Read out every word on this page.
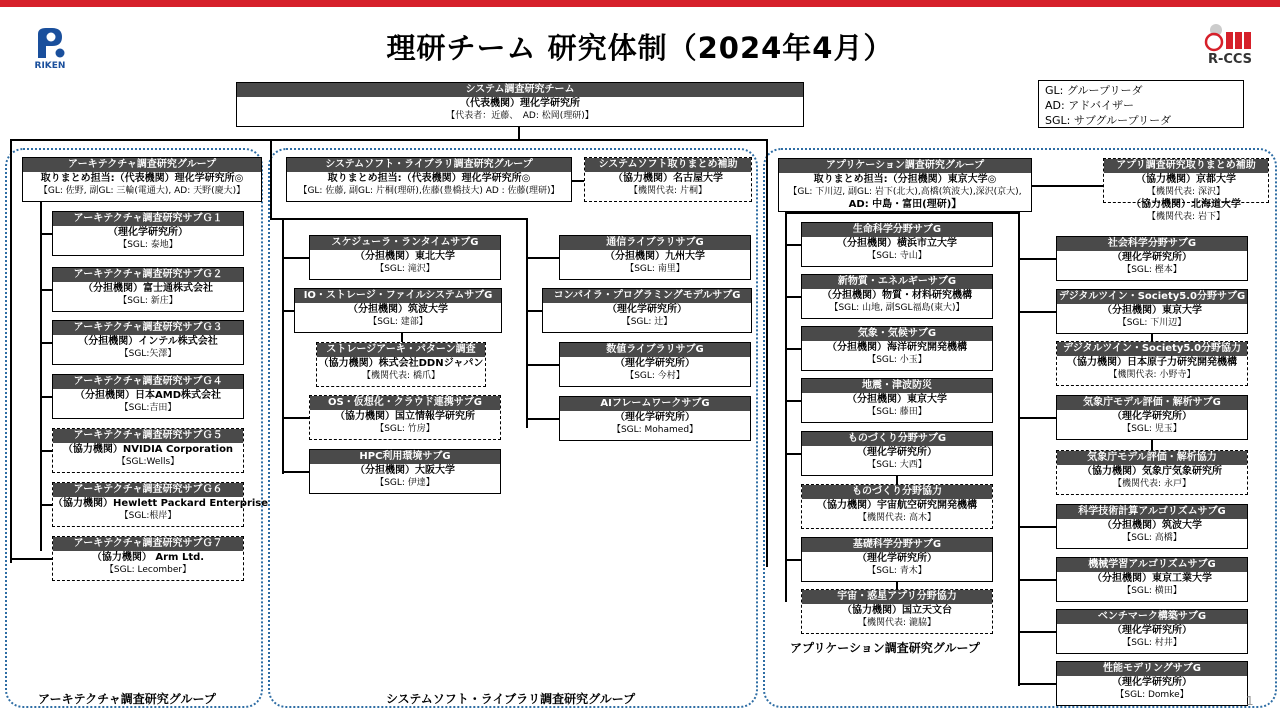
RIKEN	R-CCS
理研チーム 研究体制（2024年4月）
GL: グループリーダ
AD: アドバイザー
SGL: サブグループリーダ
アーキテクチャ調査研究グループ	システムソフト・ライブラリ調査研究グループ
アプリケーション調査研究グループ
システム調査研究チーム
（代表機関）理化学研究所
【代表者：近藤、　AD: 松岡(理研)】
アーキテクチャ調査研究グループ
取りまとめ担当:（代表機関）理化学研究所◎
【GL: 佐野, 副GL: 三輪(電通大), AD: 天野(慶大)】
アーキテクチャ調査研究サブＧ１
（理化学研究所）
【SGL: 泰地】
アーキテクチャ調査研究サブＧ２
（分担機関）富士通株式会社
【SGL: 新庄】
アーキテクチャ調査研究サブＧ３
（分担機関）インテル株式会社
【SGL:矢澤】
アーキテクチャ調査研究サブＧ４
（分担機関）日本AMD株式会社
【SGL:吉田】
アーキテクチャ調査研究サブＧ５
（協力機関）NVIDIA Corporation
【SGL:Wells】
アーキテクチャ調査研究サブＧ６
（協力機関）Hewlett Packard Enterprise
【SGL:根岸】
アーキテクチャ調査研究サブＧ７
（協力機関） Arm Ltd.
【SGL: Lecomber】
システムソフト・ライブラリ調査研究グループ
取りまとめ担当:（代表機関）理化学研究所◎
【GL: 佐藤, 副GL: 片桐(理研),佐藤(豊橋技大) AD : 佐藤(理研)】
システムソフト取りまとめ補助
（協力機関）名古屋大学
【機関代表: 片桐】
スケジューラ・ランタイムサブG
（分担機関）東北大学
【SGL: 滝沢】
IO・ストレージ・ファイルシステムサブG
（分担機関）筑波大学
【SGL: 建部】
ストレージアーキ・パターン調査
（協力機関）株式会社DDNジャパン
【機関代表: 橋爪】
OS・仮想化・クラウド連携サブG
（協力機関）国立情報学研究所
【SGL: 竹房】
HPC利用環境サブG
（分担機関）大阪大学
【SGL: 伊達】
通信ライブラリサブG
（分担機関）九州大学
【SGL: 南里】
コンパイラ・プログラミングモデルサブG
（理化学研究所）
【SGL: 辻】
数値ライブラリサブG
（理化学研究所）
【SGL: 今村】
AIフレームワークサブG
（理化学研究所）
【SGL: Mohamed】
アプリケーション調査研究グループ
取りまとめ担当:（分担機関）東京大学◎
【GL: 下川辺, 副GL: 岩下(北大),高橋(筑波大),深沢(京大),
AD: 中島・富田(理研)】
アプリ調査研究取りまとめ補助
（協力機関）京都大学
【機関代表: 深沢】
（協力機関）北海道大学
【機関代表: 岩下】
生命科学分野サブG
（分担機関）横浜市立大学
【SGL: 寺山】
新物質・エネルギーサブG
（分担機関）物質・材料研究機構
【SGL: 山地, 副SGL福島(東大)】
気象・気候サブG
（分担機関）海洋研究開発機構
【SGL: 小玉】
地震・津波防災
（分担機関）東京大学
【SGL: 藤田】
ものづくり分野サブG
（理化学研究所）
【SGL: 大西】
ものづくり分野協力
（協力機関）宇宙航空研究開発機構
【機関代表: 高木】
基礎科学分野サブG
（理化学研究所）
【SGL: 青木】
宇宙・惑星アプリ分野協力
（協力機関）国立天文台
【機関代表: 瀧脇】
社会科学分野サブG
（理化学研究所）
【SGL: 樫本】
デジタルツイン・Society5.0分野サブG
（分担機関）東京大学
【SGL: 下川辺】
デジタルツイン・Society5.0分野協力
（協力機関）日本原子力研究開発機構
【機関代表: 小野寺】
気象庁モデル評価・解析サブG
（理化学研究所）
【SGL: 児玉】
気象庁モデル評価・解析協力
（協力機関）気象庁気象研究所
【機関代表: 永戸】
科学技術計算アルゴリズムサブG
（分担機関）筑波大学
【SGL: 高橋】
機械学習アルゴリズムサブG
（分担機関）東京工業大学
【SGL: 横田】
ベンチマーク構築サブG
（理化学研究所）
【SGL: 村井】
性能モデリングサブG
（理化学研究所）
【SGL: Domke】	1
